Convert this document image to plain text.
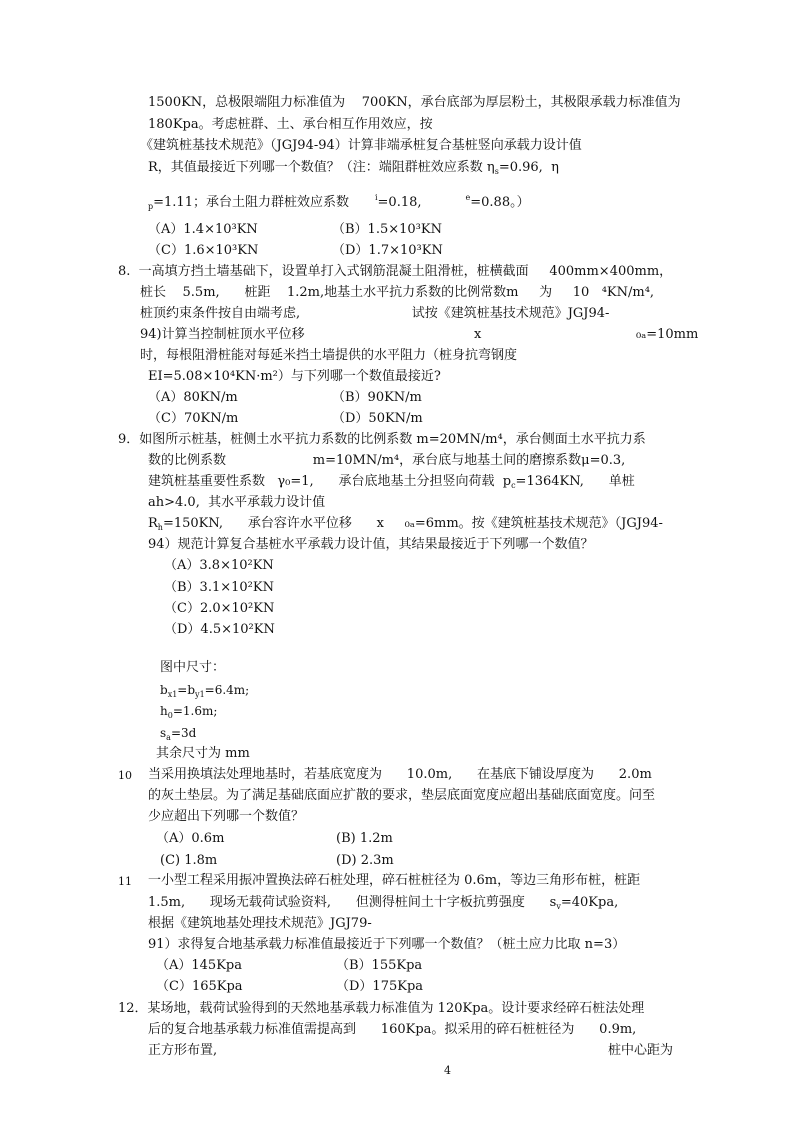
1500KN，总极限端阻力标准值为    700KN，承台底部为厚层粉土，其极限承载力标准值为
180Kpa。考虑桩群、土、承台相互作用效应，按
《建筑桩基技术规范》（JGJ94-94）计算非端承桩复合基桩竖向承载力设计值
R，其值最接近下列哪一个数值？（注：端阻群桩效应系数 $\eta_s=0.96$,  η
$_p$=1.11；承台土阻力群桩效应系数	$^i$=0.18,	$^e$=0.88。）
（A）1.4×10³KN	（B）1.5×10³KN
（C）1.6×10³KN	（D）1.7×10³KN
8.  一高填方挡土墙基础下，设置单打入式钢筋混凝土阻滑桩，桩横截面     400mm×400mm，
桩长    5.5m,      桩距    1.2m,地基土水平抗力系数的比例常数m     为     10   ⁴KN/m⁴,
桩顶约束条件按自由端考虑,                           试按《建筑桩基技术规范》JGJ94-
94)计算当控制桩顶水平位移	x	₀ₐ=10mm
时，每根阻滑桩能对每延米挡土墙提供的水平阻力（桩身抗弯钢度
EI=5.08×10⁴KN·m²）与下列哪一个数值最接近?
（A）80KN/m	（B）90KN/m
（C）70KN/m	（D）50KN/m
9．如图所示桩基，桩侧土水平抗力系数的比例系数 m=20MN/m⁴，承台侧面土水平抗力系
数的比例系数                     m=10MN/m⁴，承台底与地基土间的磨擦系数μ=0.3,
建筑桩基重要性系数   γ₀=1,      承台底地基土分担竖向荷载  $p_c=1364KN$,      单桩
ah>4.0,  其水平承载力设计值
$R_h=150KN$,      承台容许水平位移      x     ₀ₐ=6mm。按《建筑桩基技术规范》（JGJ94-
94）规范计算复合基桩水平承载力设计值，其结果最接近于下列哪一个数值？
（A）3.8×10²KN
（B）3.1×10²KN
（C）2.0×10²KN
（D）4.5×10²KN
图中尺寸：
$b_{x1}=b_{y1}=6.4m$;
$h_0=1.6m$;
$s_a=3d$
其余尺寸为 mm
10 当采用换填法处理地基时，若基底宽度为      10.0m,      在基底下铺设厚度为      2.0m
的灰土垫层。为了满足基础底面应扩散的要求，垫层底面宽度应超出基础底面宽度。问至
少应超出下列哪一个数值？
（A）0.6m	(B) 1.2m
(C) 1.8m	(D) 2.3m
11 一小型工程采用振冲置换法碎石桩处理，碎石桩桩径为 0.6m，等边三角形布桩，桩距
1.5m,      现场无载荷试验资料,      但测得桩间土十字板抗剪强度      $s_v=40Kpa$,
根据《建筑地基处理技术规范》JGJ79-
91）求得复合地基承载力标准值最接近于下列哪一个数值？（桩土应力比取 n=3）
（A）145Kpa	（B）155Kpa
（C）165Kpa	（D）175Kpa
12．某场地，载荷试验得到的天然地基承载力标准值为 120Kpa。设计要求经碎石桩法处理
后的复合地基承载力标准值需提高到      160Kpa。拟采用的碎石桩桩径为      0.9m,
正方形布置,	桩中心距为
4
